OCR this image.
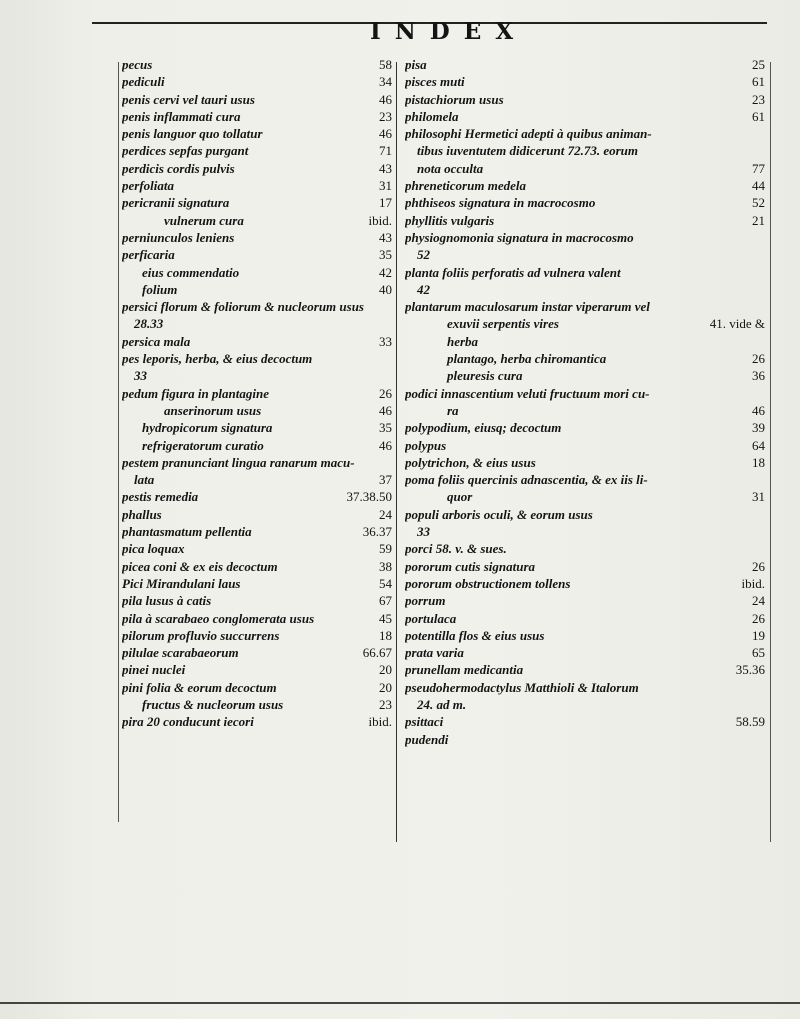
INDEX
pecus	58
pediculi	34
penis cervi vel tauri usus	46
penis inflammati cura	23
penis languor quo tollatur	46
perdices sepfas purgant	71
perdicis cordis pulvis	43
perfoliata	31
pericranii signatura	17
vulnerum cura	ibid.
perniunculos leniens	43
perficaria	35
eius commendatio	42
folium	40
persici florum & foliorum & nucleorum usus
28.33
persica mala	33
pes leporis, herba, & eius decoctum
33
pedum figura in plantagine	26
anserinorum usus	46
hydropicorum signatura	35
refrigeratorum curatio	46
pestem pranunciant lingua ranarum macu-
lata	37
pestis remedia	37.38.50
phallus	24
phantasmatum pellentia	36.37
pica loquax	59
picea coni & ex eis decoctum	38
Pici Mirandulani laus	54
pila lusus à catis	67
pila à scarabaeo conglomerata usus	45
pilorum profluvio succurrens	18
pilulae scarabaeorum	66.67
pinei nuclei	20
pini folia & eorum decoctum	20
fructus & nucleorum usus	23
pira 20 conducunt iecori	ibid.
pisa	25
pisces muti	61
pistachiorum usus	23
philomela	61
philosophi Hermetici adepti à quibus animan-
tibus iuventutem didicerunt 72.73. eorum
nota occulta	77
phreneticorum medela	44
phthiseos signatura in macrocosmo	52
phyllitis vulgaris	21
physiognomonia signatura in macrocosmo
52
planta foliis perforatis ad vulnera valent
42
plantarum maculosarum instar viperarum vel
exuvii serpentis vires	41. vide &
herba
plantago, herba chiromantica	26
pleuresis cura	36
podici innascentium veluti fructuum mori cu-
ra	46
polypodium, eiusq; decoctum	39
polypus	64
polytrichon, & eius usus	18
poma foliis quercinis adnascentia, & ex iis li-
quor	31
populi arboris oculi, & eorum usus
33
porci 58. v. & sues.
pororum cutis signatura	26
pororum obstructionem tollens	ibid.
porrum	24
portulaca	26
potentilla flos & eius usus	19
prata varia	65
prunellam medicantia	35.36
pseudohermodactylus Matthioli & Italorum
24. ad m.
psittaci	58.59
pudendi
